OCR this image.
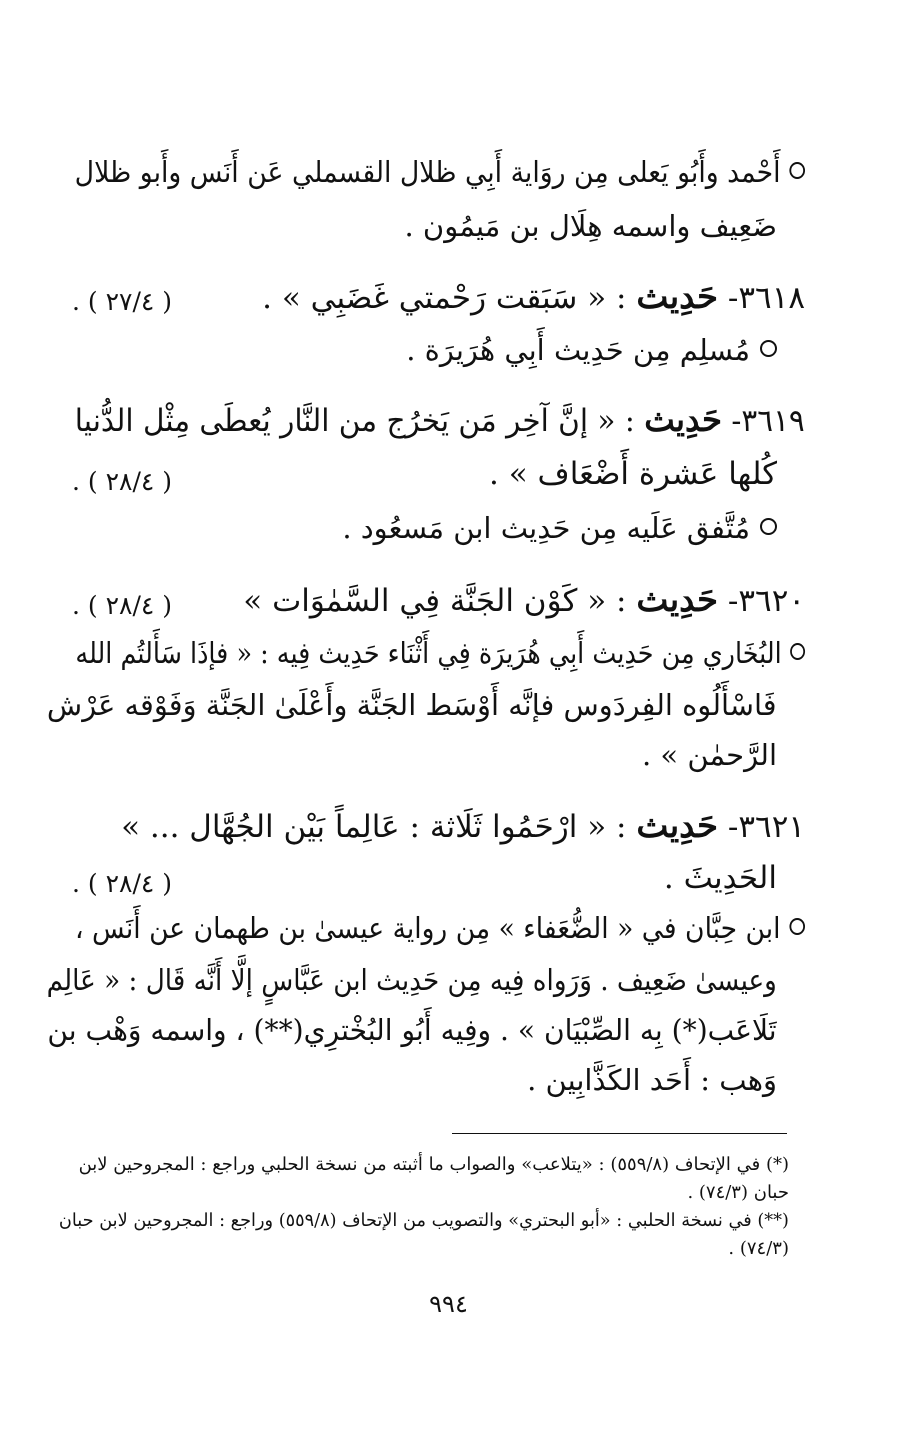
أَحْمد وأَبُو يَعلى مِن روَاية أَبِي ظلال القسملي عَن أَنَس وأَبو ظلال
ضَعِيف واسمه هِلَال بن مَيمُون .
٣٦١٨- حَدِيث : « سَبَقت رَحْمتي غَضَبِي » .
( ٢٧/٤ ) .
مُسلِم مِن حَدِيث أَبِي هُرَيرَة .
٣٦١٩- حَدِيث : « إنَّ آخِر مَن يَخرُج من النَّار يُعطَى مِثْل الدُّنيا
كُلها عَشرة أَضْعَاف » .
( ٢٨/٤ ) .
مُتَّفق عَلَيه مِن حَدِيث ابن مَسعُود .
٣٦٢٠- حَدِيث : « كَوْن الجَنَّة فِي السَّمٰوَات »
( ٢٨/٤ ) .
البُخَاري مِن حَدِيث أَبِي هُرَيرَة فِي أَثْنَاء حَدِيث فِيه : « فإذَا سَأَلتُم الله
فَاسْأَلُوه الفِردَوس فإنَّه أَوْسَط الجَنَّة وأَعْلَىٰ الجَنَّة وَفَوْقه عَرْش
الرَّحمٰن » .
٣٦٢١- حَدِيث : « ارْحَمُوا ثَلَاثة : عَالِماً بَيْن الجُهَّال ... »
الحَدِيثَ .
( ٢٨/٤ ) .
ابن حِبَّان في « الضُّعَفاء » مِن رواية عيسىٰ بن طهمان عن أَنَس ،
وعيسىٰ ضَعِيف . وَرَواه فِيه مِن حَدِيث ابن عَبَّاسٍ إلَّا أَنَّه قَال : « عَالِم
تَلَاعَب(*) بِه الصِّبْيَان » . وفِيه أَبُو البُخْترِي(**) ، واسمه وَهْب بن
وَهب : أَحَد الكَذَّابِين .
(*) في الإتحاف (٥٥٩/٨) : «يتلاعب» والصواب ما أثبته من نسخة الحلبي وراجع : المجروحين لابن
حبان (٧٤/٣) .
(**) في نسخة الحلبي : «أبو البحتري» والتصويب من الإتحاف (٥٥٩/٨) وراجع : المجروحين لابن حبان
(٧٤/٣) .
٩٩٤
